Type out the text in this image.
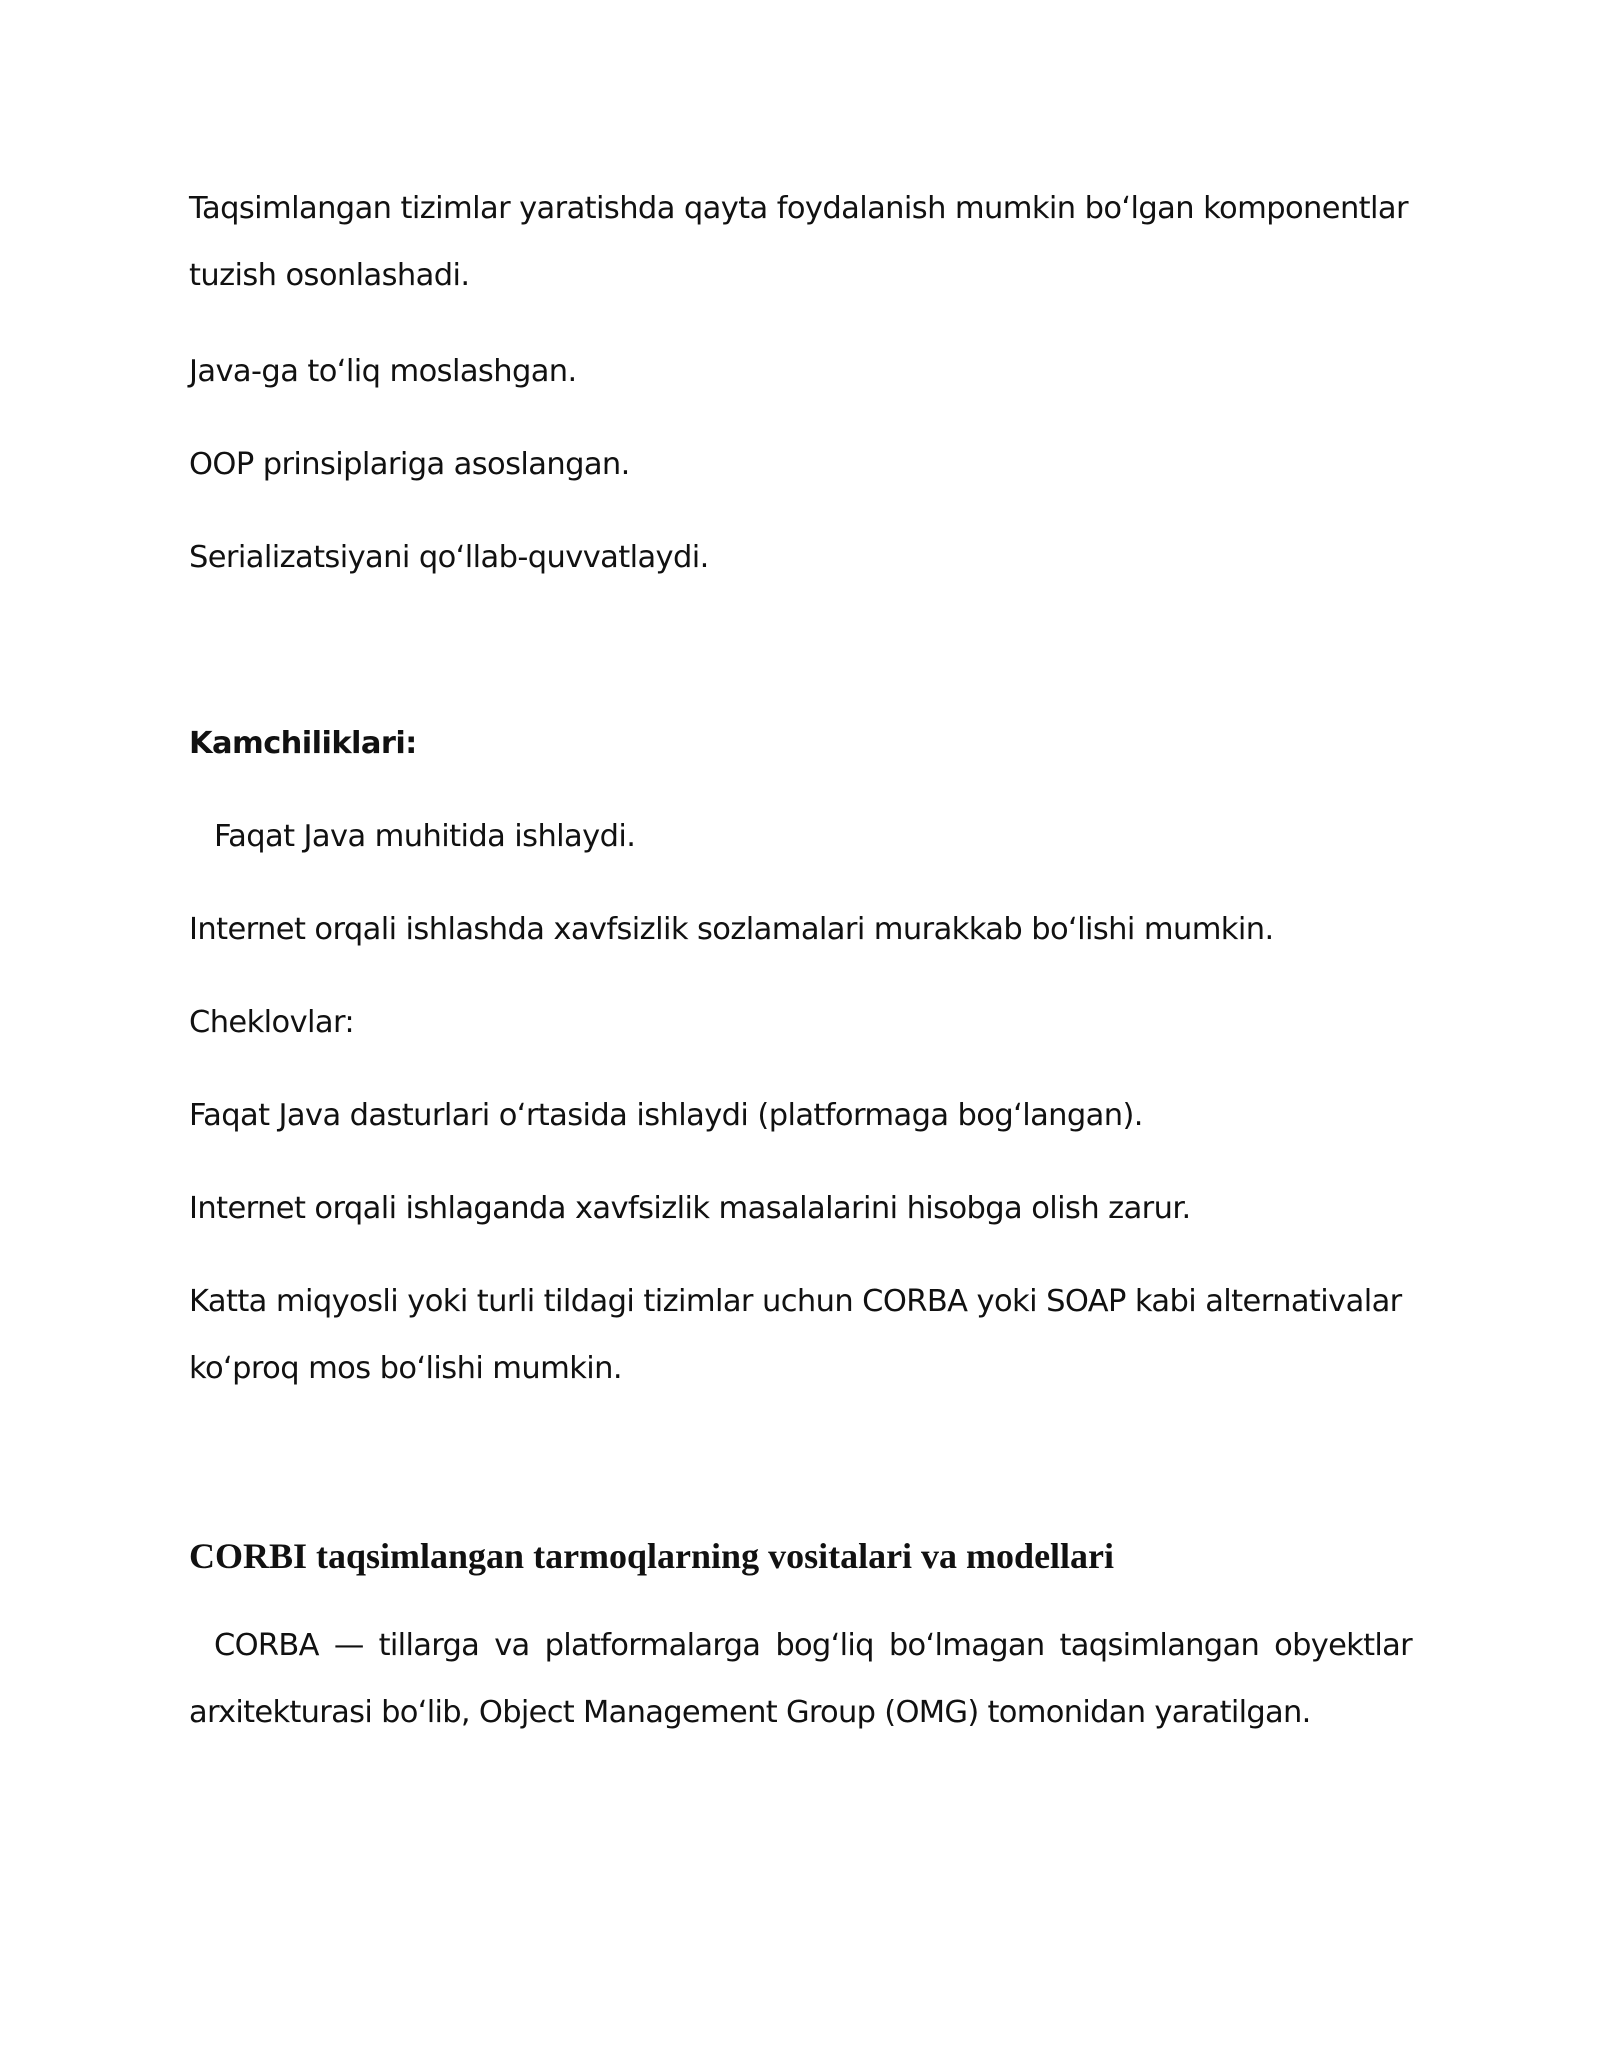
Taqsimlangan tizimlar yaratishda qayta foydalanish mumkin boʻlgan komponentlar tuzish osonlashadi.

Java-ga toʻliq moslashgan.

OOP prinsiplariga asoslangan.

Serializatsiyani qoʻllab-quvvatlaydi.

Kamchiliklari:

Faqat Java muhitida ishlaydi.

Internet orqali ishlashda xavfsizlik sozlamalari murakkab boʻlishi mumkin.

Cheklovlar:

Faqat Java dasturlari oʻrtasida ishlaydi (platformaga bogʻlangan).

Internet orqali ishlaganda xavfsizlik masalalarini hisobga olish zarur.

Katta miqyosli yoki turli tildagi tizimlar uchun CORBA yoki SOAP kabi alternativalar koʻproq mos boʻlishi mumkin.

CORBI taqsimlangan tarmoqlarning vositalari va modellari

CORBA — tillarga va platformalarga bogʻliq boʻlmagan taqsimlangan obyektlar arxitekturasi boʻlib, Object Management Group (OMG) tomonidan yaratilgan.
